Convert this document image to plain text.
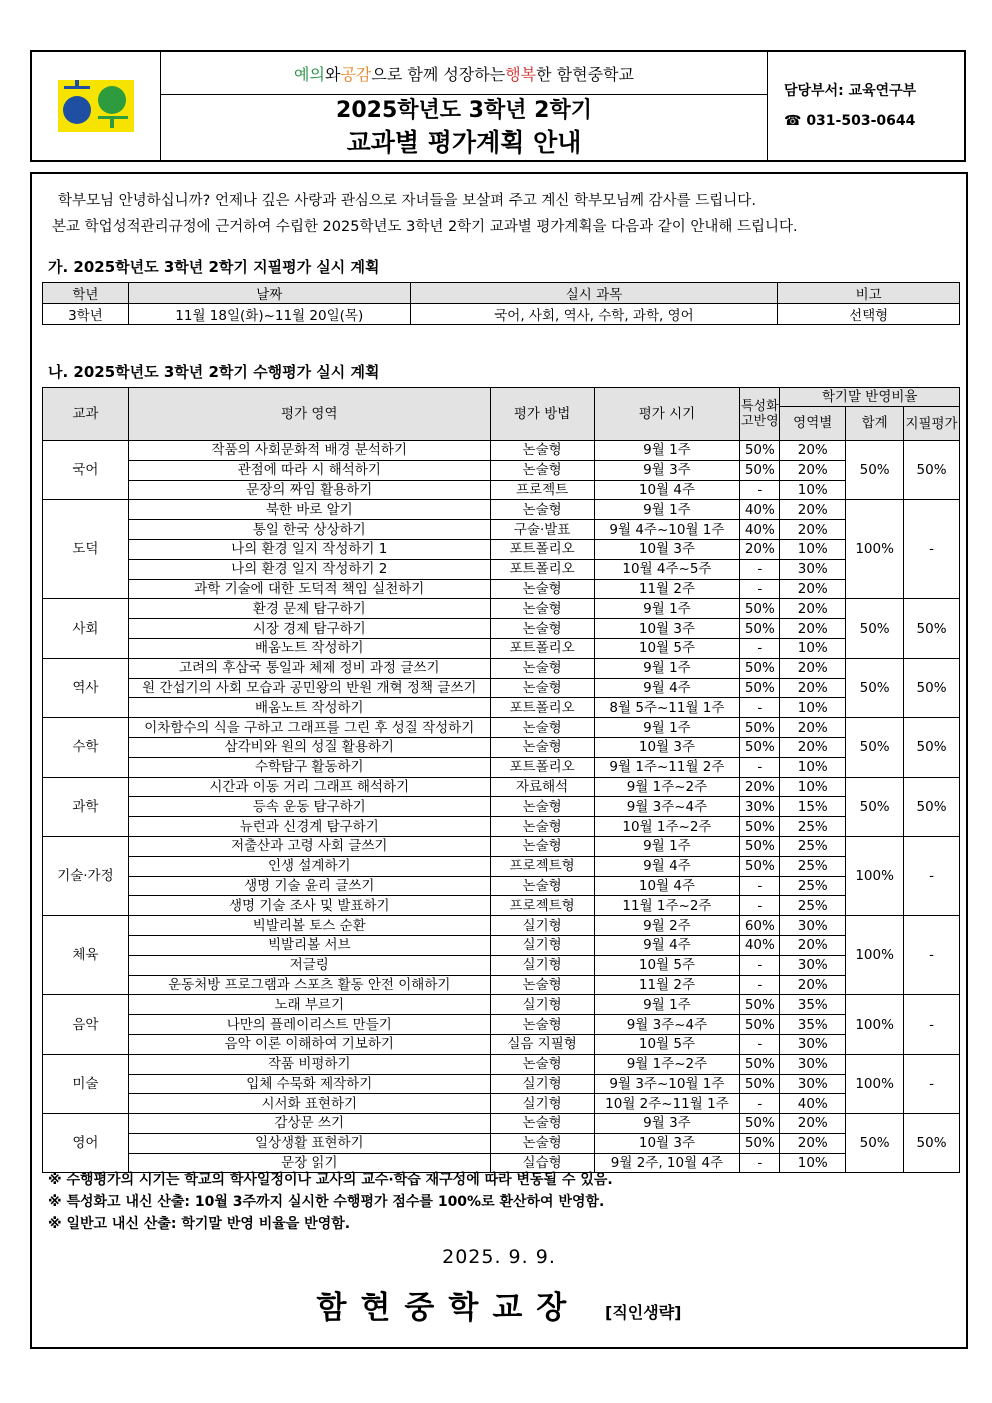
예의 와 공감 으로 함께 성장하는 행복 한 함현중학교
2025학년도 3학년 2학기
교과별 평가계획 안내
담당부서: 교육연구부
☎ 031-503-0644

학부모님 안녕하십니까? 언제나 깊은 사랑과 관심으로 자녀들을 보살펴 주고 계신 학부모님께 감사를 드립니다.

본교 학업성적관리규정에 근거하여 수립한 2025학년도 3학년 2학기 교과별 평가계획을 다음과 같이 안내해 드립니다.

가. 2025학년도 3학년 2학기 지필평가 실시 계획
학년	날짜	실시 과목	비고
3학년	11월 18일(화)~11월 20일(목)	국어, 사회, 역사, 수학, 과학, 영어	선택형
나. 2025학년도 3학년 2학기 수행평가 실시 계획
교과	평가 영역	평가 방법	평가 시기	특성화고반영	학기말 반영비율		
					영역별	합계	지필평가
국어	작품의 사회문화적 배경 분석하기	논술형	9월 1주	50%	20%	50%	50%
	관점에 따라 시 해석하기	논술형	9월 3주	50%	20%		
	문장의 짜임 활용하기	프로젝트	10월 4주	-	10%		
도덕	북한 바로 알기	논술형	9월 1주	40%	20%	100%	-
	통일 한국 상상하기	구술·발표	9월 4주~10월 1주	40%	20%		
	나의 환경 일지 작성하기 1	포트폴리오	10월 3주	20%	10%		
	나의 환경 일지 작성하기 2	포트폴리오	10월 4주~5주	-	30%		
	과학 기술에 대한 도덕적 책임 실천하기	논술형	11월 2주	-	20%		
사회	환경 문제 탐구하기	논술형	9월 1주	50%	20%	50%	50%
	시장 경제 탐구하기	논술형	10월 3주	50%	20%		
	배움노트 작성하기	포트폴리오	10월 5주	-	10%		
역사	고려의 후삼국 통일과 체제 정비 과정 글쓰기	논술형	9월 1주	50%	20%	50%	50%
	원 간섭기의 사회 모습과 공민왕의 반원 개혁 정책 글쓰기	논술형	9월 4주	50%	20%		
	배움노트 작성하기	포트폴리오	8월 5주~11월 1주	-	10%		
수학	이차함수의 식을 구하고 그래프를 그린 후 성질 작성하기	논술형	9월 1주	50%	20%	50%	50%
	삼각비와 원의 성질 활용하기	논술형	10월 3주	50%	20%		
	수학탐구 활동하기	포트폴리오	9월 1주~11월 2주	-	10%		
과학	시간과 이동 거리 그래프 해석하기	자료해석	9월 1주~2주	20%	10%	50%	50%
	등속 운동 탐구하기	논술형	9월 3주~4주	30%	15%		
	뉴런과 신경계 탐구하기	논술형	10월 1주~2주	50%	25%		
기술·가정	저출산과 고령 사회 글쓰기	논술형	9월 1주	50%	25%	100%	-
	인생 설계하기	프로젝트형	9월 4주	50%	25%		
	생명 기술 윤리 글쓰기	논술형	10월 4주	-	25%		
	생명 기술 조사 및 발표하기	프로젝트형	11월 1주~2주	-	25%		
체육	빅발리볼 토스 순환	실기형	9월 2주	60%	30%	100%	-
	빅발리볼 서브	실기형	9월 4주	40%	20%		
	저글링	실기형	10월 5주	-	30%		
	운동처방 프로그램과 스포츠 활동 안전 이해하기	논술형	11월 2주	-	20%		
음악	노래 부르기	실기형	9월 1주	50%	35%	100%	-
	나만의 플레이리스트 만들기	논술형	9월 3주~4주	50%	35%		
	음악 이론 이해하여 기보하기	실음 지필형	10월 5주	-	30%		
미술	작품 비평하기	논술형	9월 1주~2주	50%	30%	100%	-
	입체 수묵화 제작하기	실기형	9월 3주~10월 1주	50%	30%		
	시서화 표현하기	실기형	10월 2주~11월 1주	-	40%		
영어	감상문 쓰기	논술형	9월 3주	50%	20%	50%	50%
	일상생활 표현하기	논술형	10월 3주	50%	20%		
	문장 읽기	실습형	9월 2주, 10월 4주	-	10%		
※ 수행평가의 시기는 학교의 학사일정이나 교사의 교수·학습 재구성에 따라 변동될 수 있음.
※ 특성화고 내신 산출: 10월 3주까지 실시한 수행평가 점수를 100%로 환산하여 반영함.
※ 일반고 내신 산출: 학기말 반영 비율을 반영함.
2025. 9. 9.
함현중학교장 [직인생략]
